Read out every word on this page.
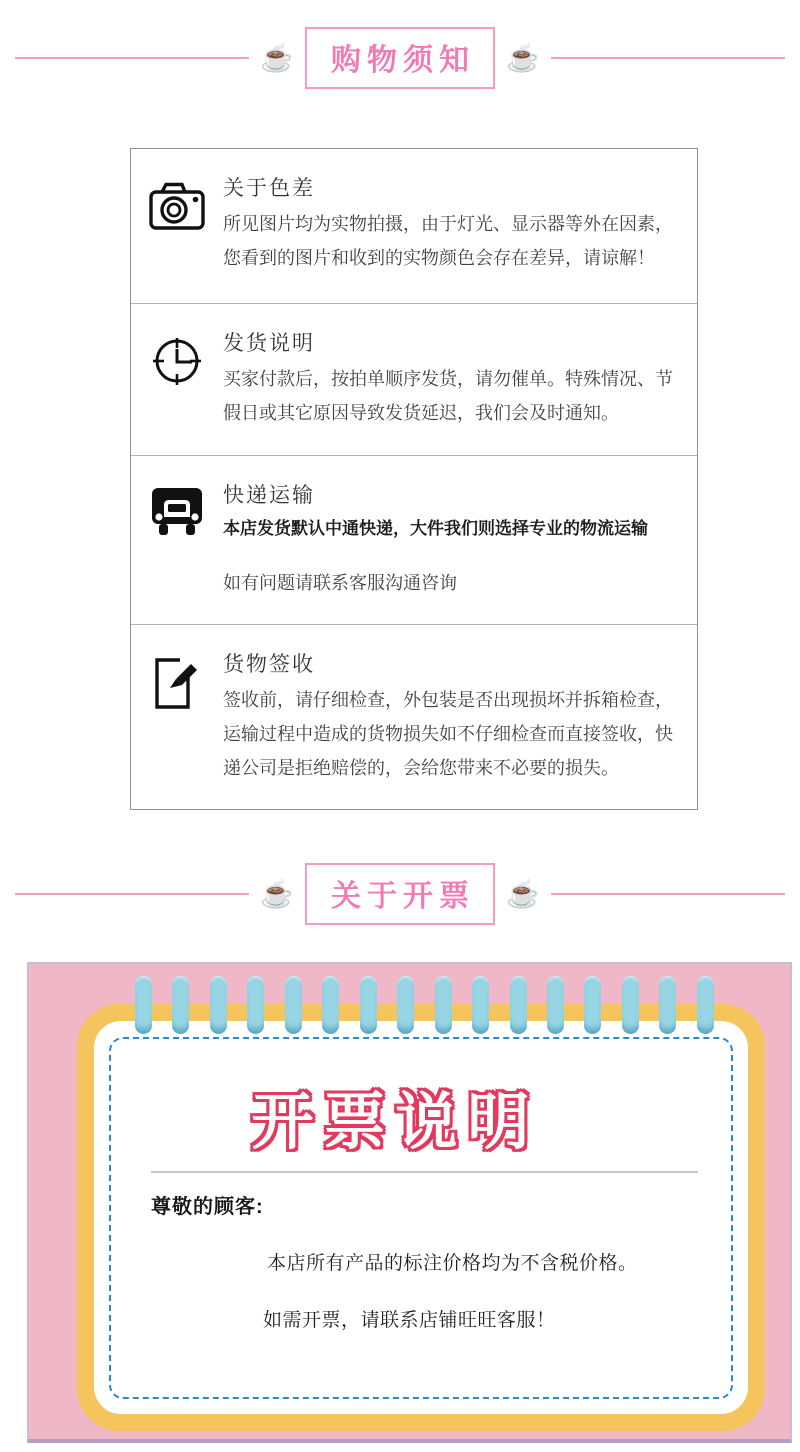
☕	购物须知	☕
关于色差

所见图片均为实物拍摄，由于灯光、显示器等外在因素，您看到的图片和收到的实物颜色会存在差异，请谅解！

发货说明

买家付款后，按拍单顺序发货，请勿催单。特殊情况、节假日或其它原因导致发货延迟，我们会及时通知。

快递运输

本店发货默认中通快递，大件我们则选择专业的物流运输

如有问题请联系客服沟通咨询

货物签收

签收前，请仔细检查，外包装是否出现损坏并拆箱检查，运输过程中造成的货物损失如不仔细检查而直接签收，快递公司是拒绝赔偿的，会给您带来不必要的损失。

☕	关于开票	☕
开票说明
尊敬的顾客:
本店所有产品的标注价格均为不含税价格。
如需开票，请联系店铺旺旺客服！
